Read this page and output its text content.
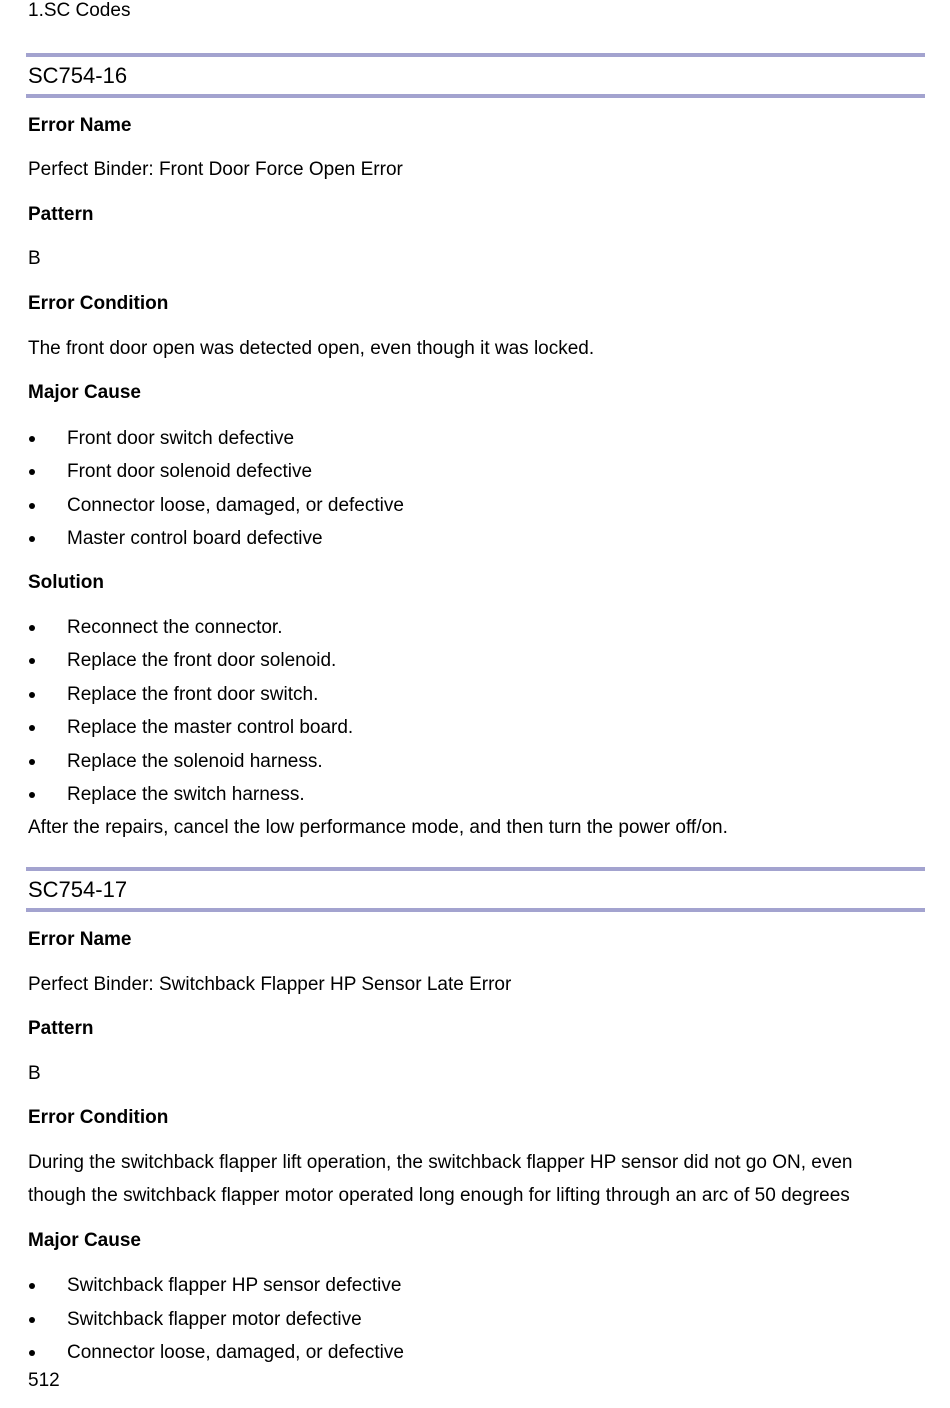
1.SC Codes
SC754-16
Error Name
Perfect Binder: Front Door Force Open Error
Pattern
B
Error Condition
The front door open was detected open, even though it was locked.
Major Cause
Front door switch defective
Front door solenoid defective
Connector loose, damaged, or defective
Master control board defective
Solution
Reconnect the connector.
Replace the front door solenoid.
Replace the front door switch.
Replace the master control board.
Replace the solenoid harness.
Replace the switch harness.
After the repairs, cancel the low performance mode, and then turn the power off/on.
SC754-17
Error Name
Perfect Binder: Switchback Flapper HP Sensor Late Error
Pattern
B
Error Condition
During the switchback flapper lift operation, the switchback flapper HP sensor did not go ON, even
though the switchback flapper motor operated long enough for lifting through an arc of 50 degrees
Major Cause
Switchback flapper HP sensor defective
Switchback flapper motor defective
Connector loose, damaged, or defective
512
